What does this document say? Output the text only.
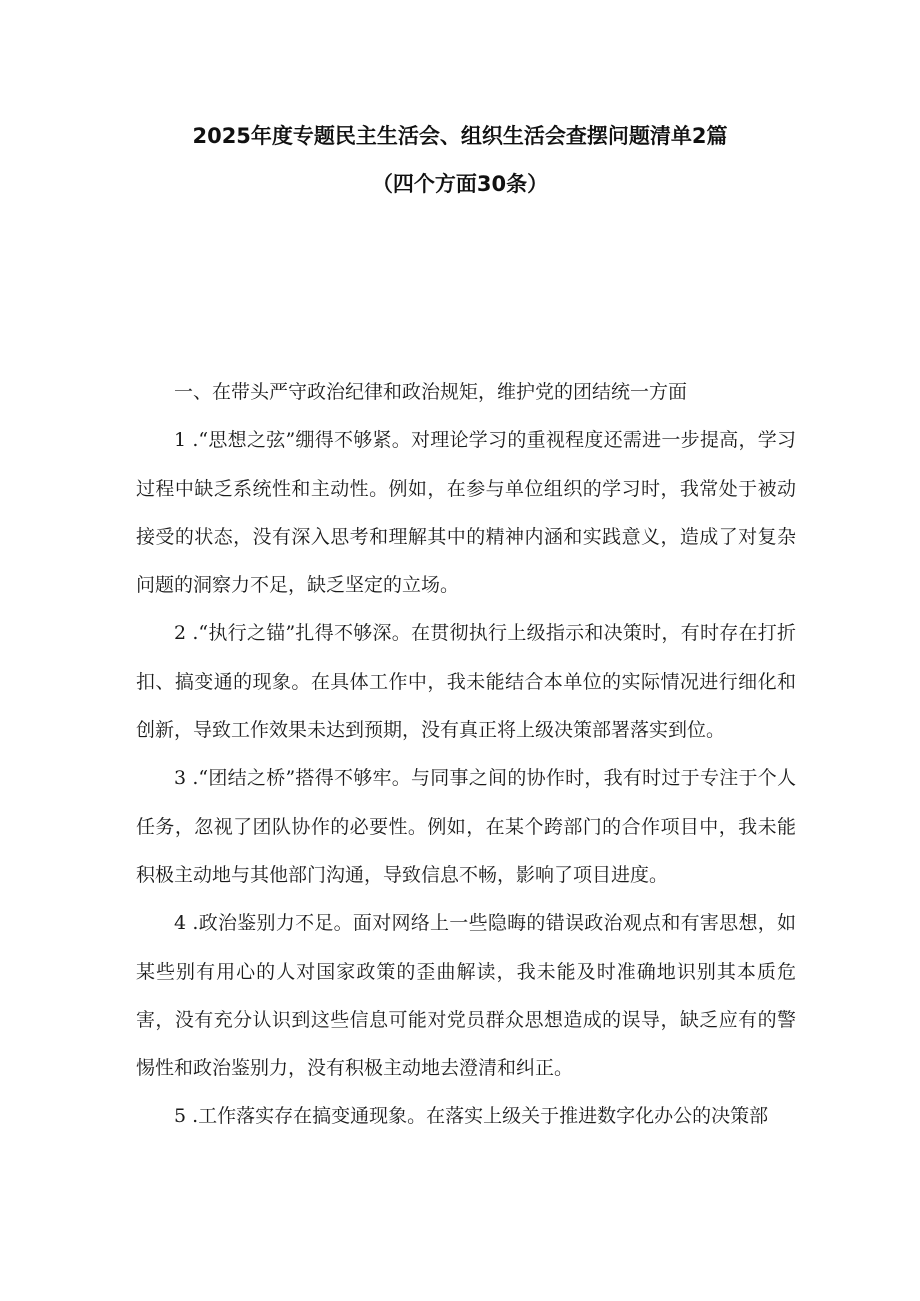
2025年度专题民主生活会、组织生活会查摆问题清单2篇
（四个方面30条）

一、在带头严守政治纪律和政治规矩，维护党的团结统一方面

1 .“思想之弦”绷得不够紧。对理论学习的重视程度还需进一步提高，学习过程中缺乏系统性和主动性。例如，在参与单位组织的学习时，我常处于被动接受的状态，没有深入思考和理解其中的精神内涵和实践意义，造成了对复杂问题的洞察力不足，缺乏坚定的立场。

2 .“执行之锚”扎得不够深。在贯彻执行上级指示和决策时，有时存在打折扣、搞变通的现象。在具体工作中，我未能结合本单位的实际情况进行细化和创新，导致工作效果未达到预期，没有真正将上级决策部署落实到位。

3 .“团结之桥”搭得不够牢。与同事之间的协作时，我有时过于专注于个人任务，忽视了团队协作的必要性。例如，在某个跨部门的合作项目中，我未能积极主动地与其他部门沟通，导致信息不畅，影响了项目进度。

4 .政治鉴别力不足。面对网络上一些隐晦的错误政治观点和有害思想，如某些别有用心的人对国家政策的歪曲解读，我未能及时准确地识别其本质危害，没有充分认识到这些信息可能对党员群众思想造成的误导，缺乏应有的警惕性和政治鉴别力，没有积极主动地去澄清和纠正。

5 .工作落实存在搞变通现象。在落实上级关于推进数字化办公的决策部
